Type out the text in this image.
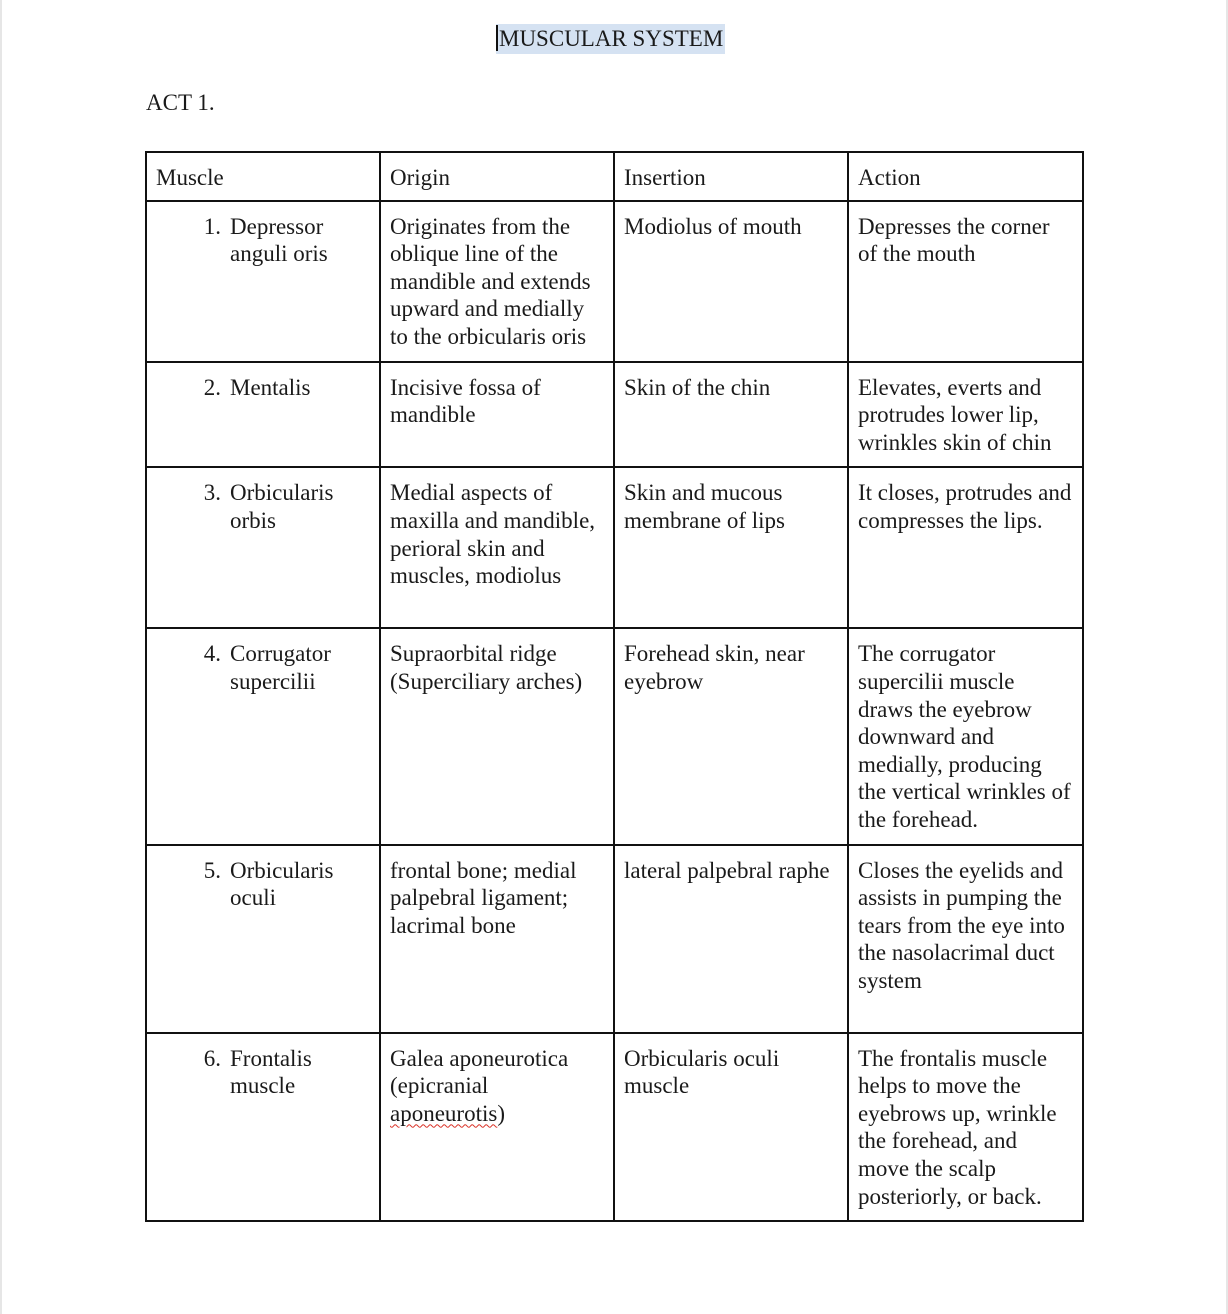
MUSCULAR SYSTEM
ACT 1.
Muscle	Origin	Insertion	Action

1. Depressor anguli oris	Originates from the oblique line of the mandible and extends upward and medially to the orbicularis oris	Modiolus of mouth	Depresses the corner of the mouth

2. Mentalis	Incisive fossa of mandible	Skin of the chin	Elevates, everts and protrudes lower lip, wrinkles skin of chin

3. Orbicularis orbis	Medial aspects of maxilla and mandible, perioral skin and muscles, modiolus	Skin and mucous membrane of lips	It closes, protrudes and compresses the lips.

4. Corrugator supercilii	Supraorbital ridge (Superciliary arches)	Forehead skin, near eyebrow	The corrugator supercilii muscle draws the eyebrow downward and medially, producing the vertical wrinkles of the forehead.

5. Orbicularis oculi	frontal bone; medial palpebral ligament; lacrimal bone	lateral palpebral raphe	Closes the eyelids and assists in pumping the tears from the eye into the nasolacrimal duct system

6. Frontalis muscle	Galea aponeurotica (epicranial aponeurotis)	Orbicularis oculi muscle	The frontalis muscle helps to move the eyebrows up, wrinkle the forehead, and move the scalp posteriorly, or back.
